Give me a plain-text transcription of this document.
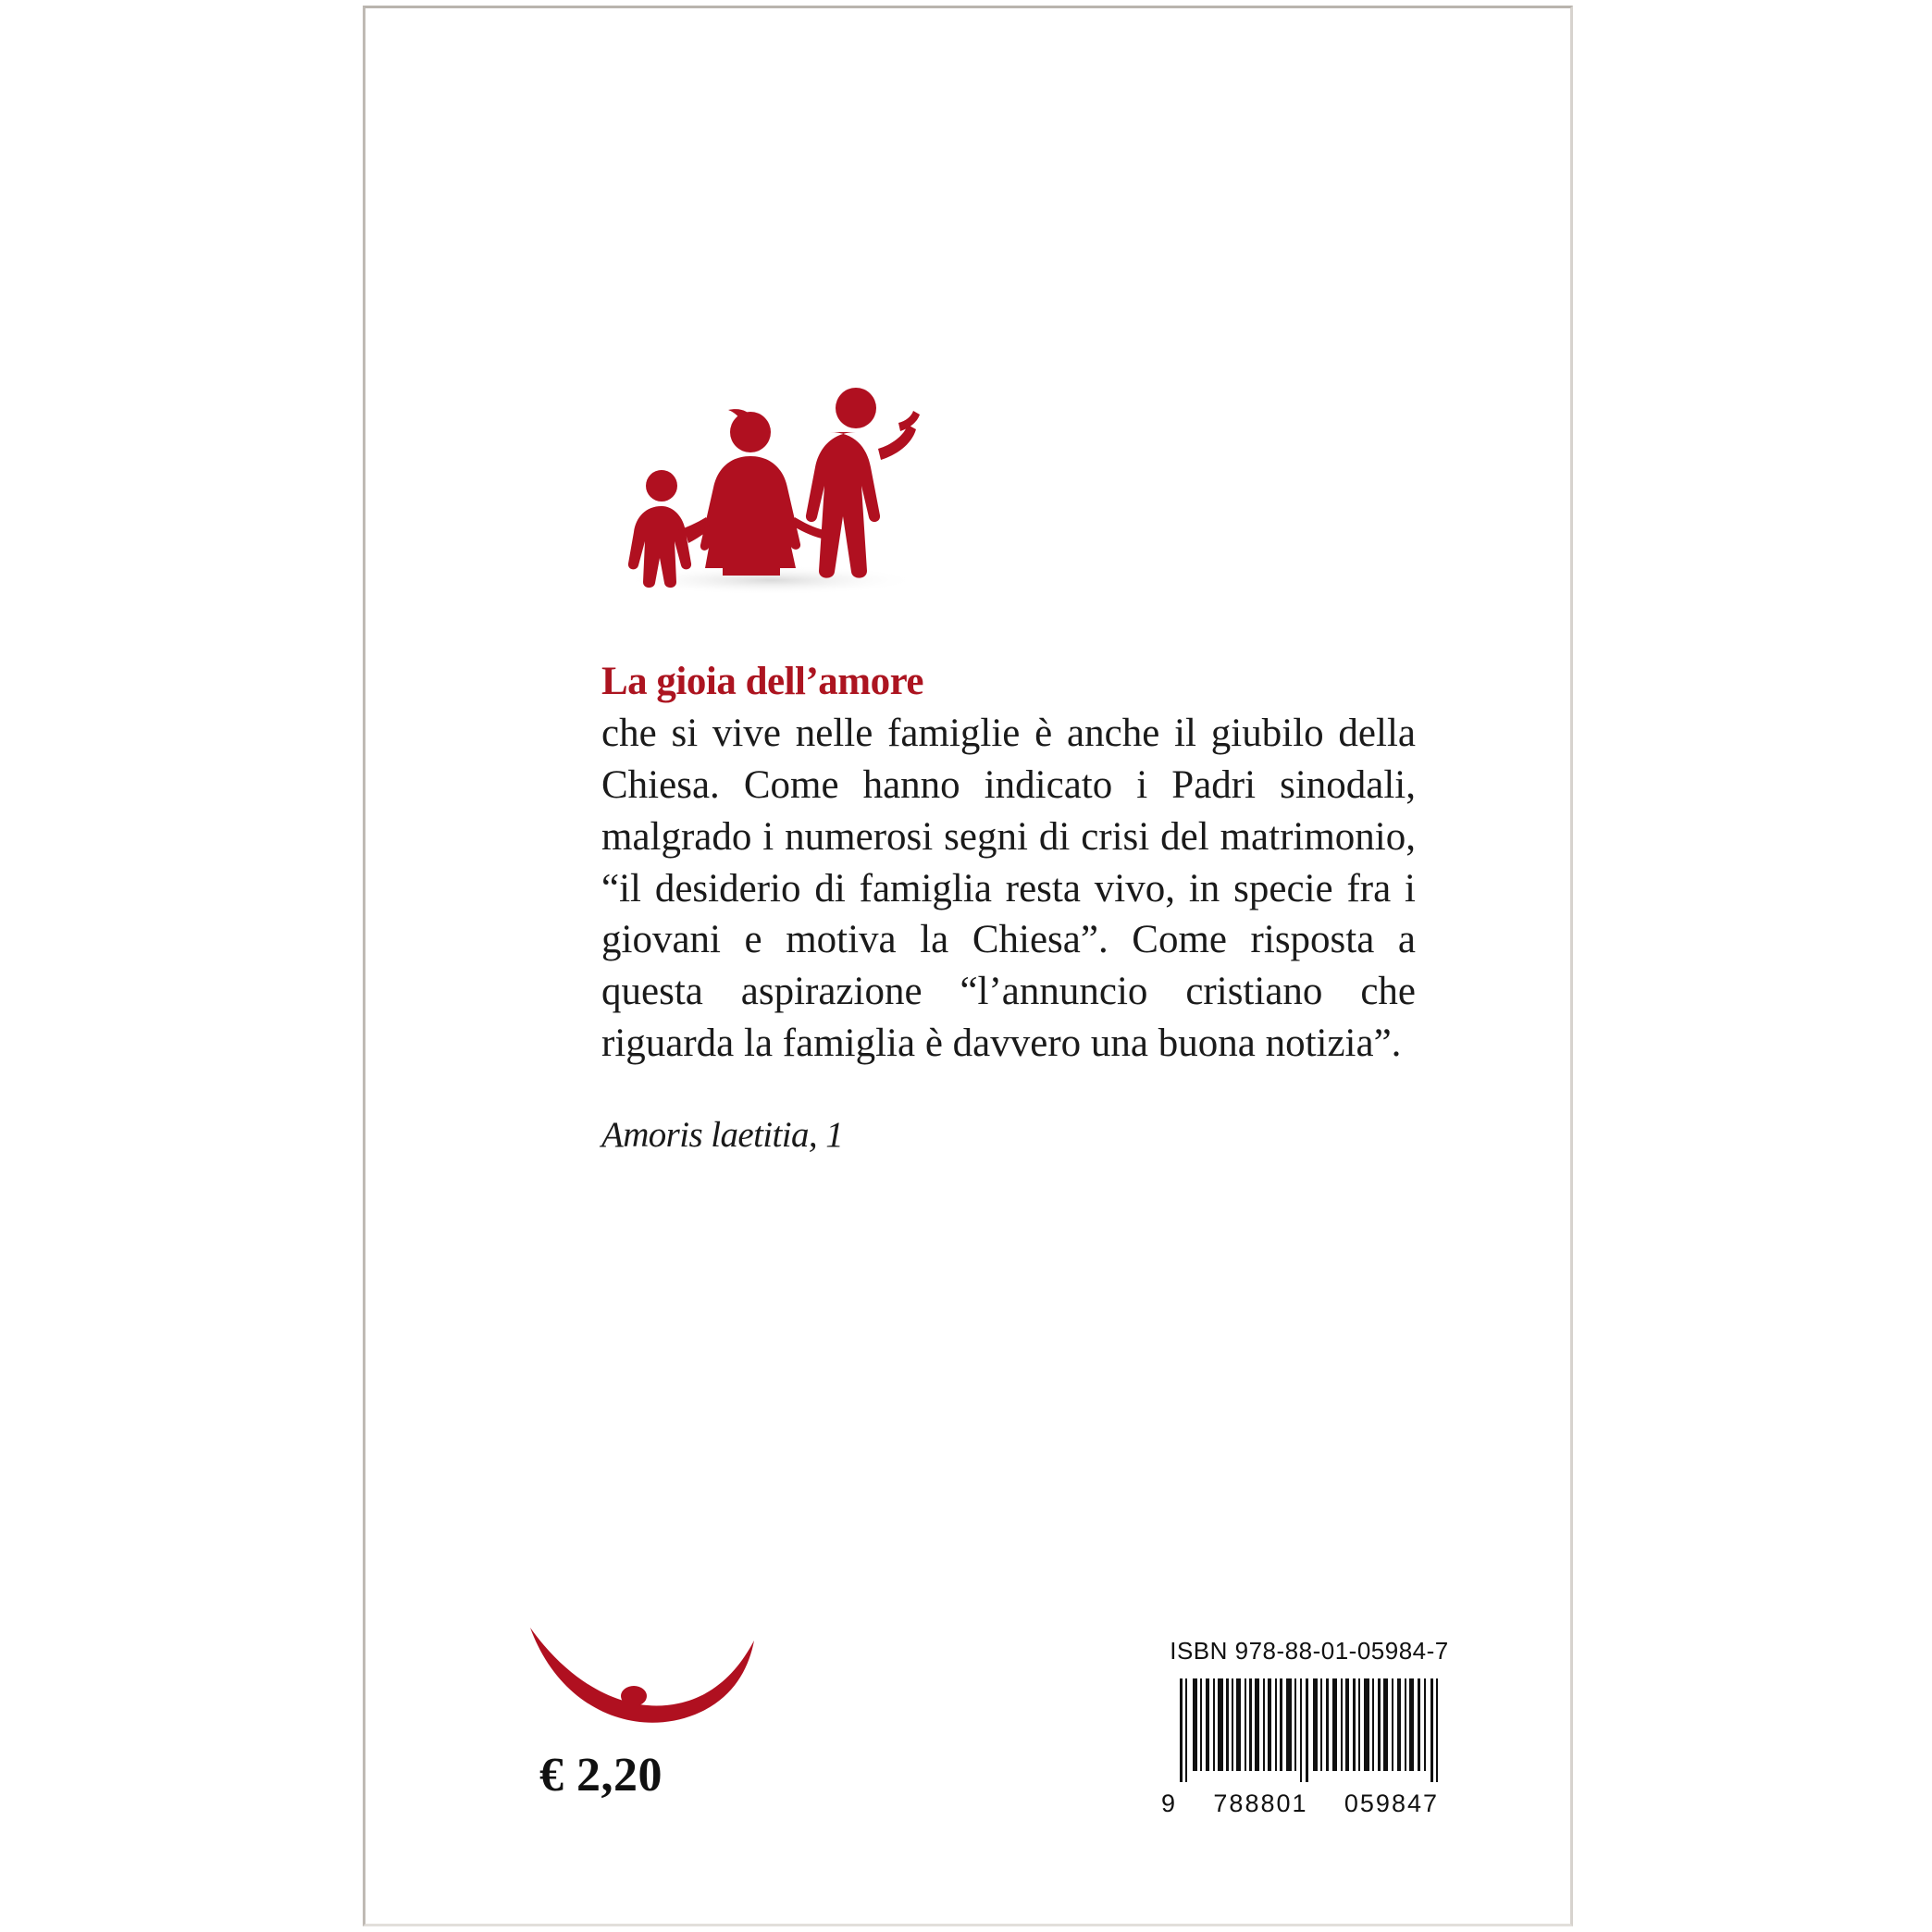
La gioia dell’amore
che si vive nelle famiglie è anche il giubilo della Chiesa. Come hanno indicato i Padri sinodali, malgrado i numerosi segni di crisi del matrimonio, “il desiderio di famiglia resta vivo, in specie fra i giovani e motiva la Chiesa”. Come risposta a questa aspirazione “l’annuncio cristiano che riguarda la famiglia è davvero una buona notizia”.

Amoris laetitia, 1
€ 2,20
ISBN 978-88-01-05984-7
9 788801 059847
